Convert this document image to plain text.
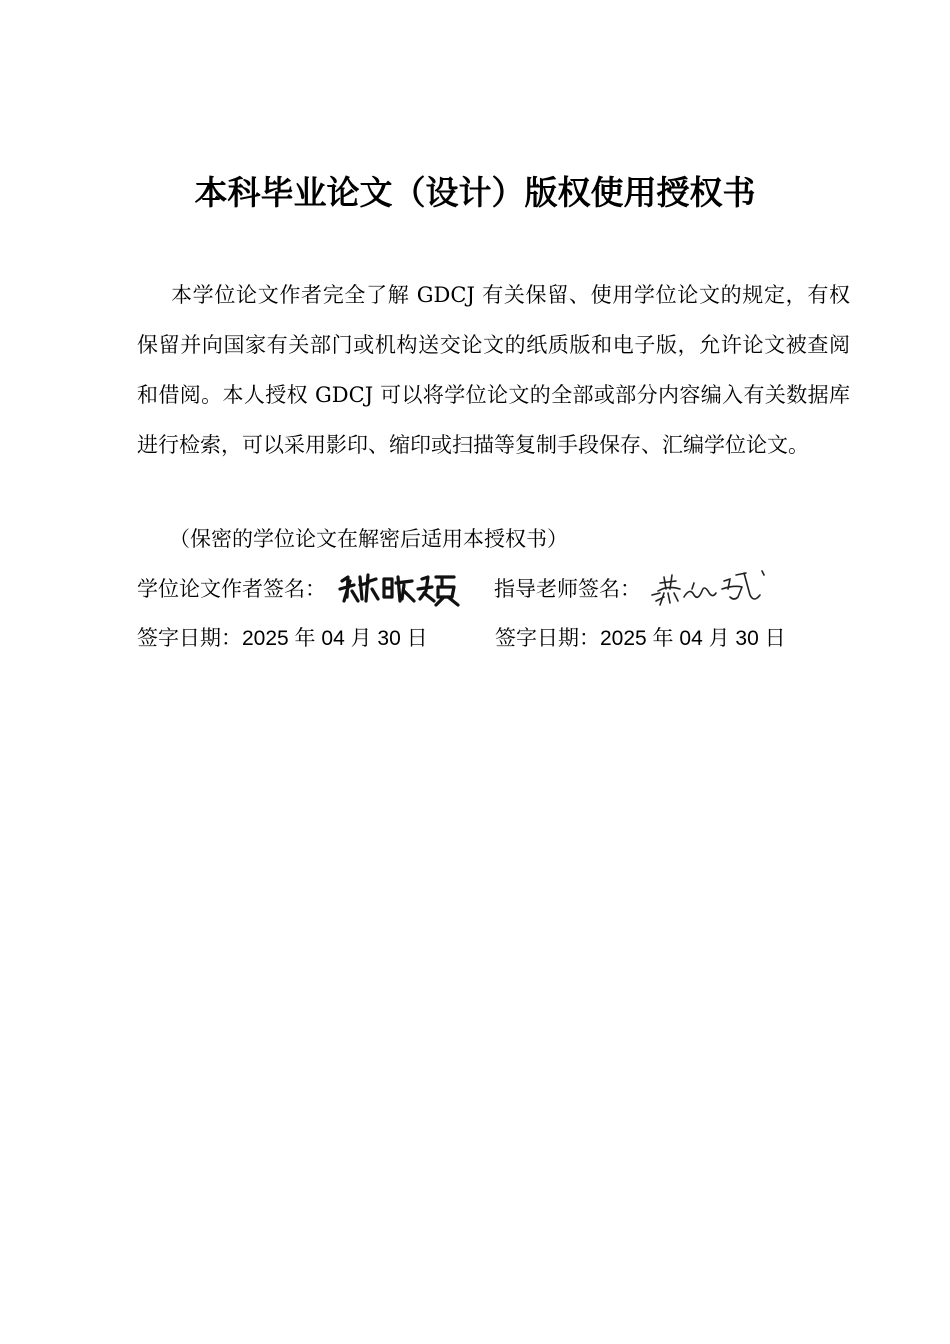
本科毕业论文（设计）版权使用授权书

本学位论文作者完全了解 GDCJ 有关保留、使用学位论文的规定，有权保留并向国家有关部门或机构送交论文的纸质版和电子版，允许论文被查阅和借阅。本人授权 GDCJ 可以将学位论文的全部或部分内容编入有关数据库进行检索，可以采用影印、缩印或扫描等复制手段保存、汇编学位论文。

（保密的学位论文在解密后适用本授权书）
学位论文作者签名：	指导老师签名：
签字日期：2025 年 04 月 30 日	签字日期：2025 年 04 月 30 日
